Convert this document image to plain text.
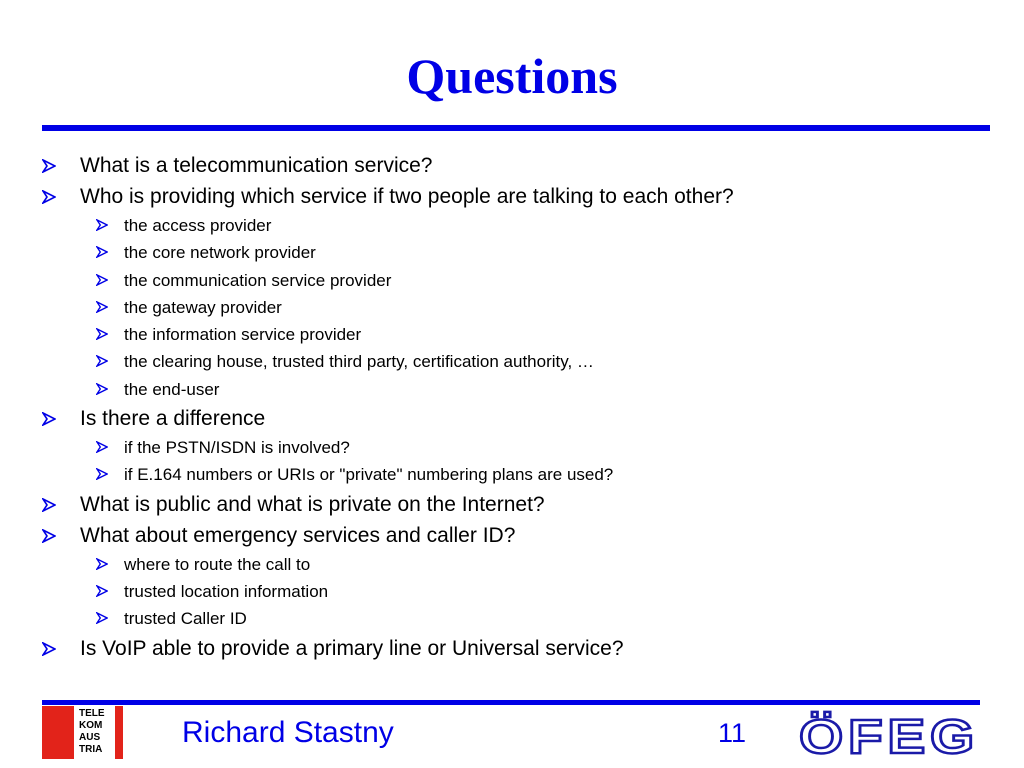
Questions
What is a telecommunication service?
Who is providing which service if two people are talking to each other?
the access provider
the core network provider
the communication service provider
the gateway provider
the information service provider
the clearing house, trusted third party, certification authority, …
the end-user
Is there a difference
if the PSTN/ISDN is involved?
if E.164 numbers or URIs or "private" numbering plans are used?
What is public and what is private on the Internet?
What about emergency services and caller ID?
where to route the call to
trusted location information
trusted Caller ID
Is VoIP able to provide a primary line or Universal service?
TELE
KOM
AUS
TRIA
Richard Stastny	11 ÖFEG
